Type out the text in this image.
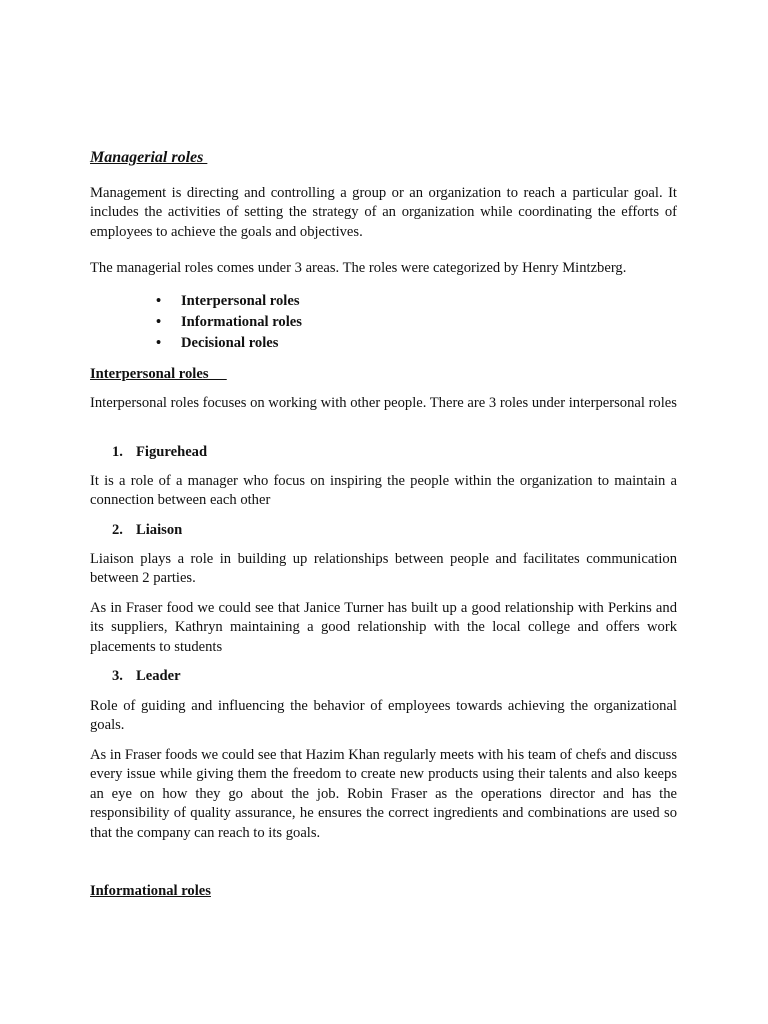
Managerial roles

Management is directing and controlling a group or an organization to reach a particular goal. It includes the activities of setting the strategy of an organization while coordinating the efforts of employees to achieve the goals and objectives.

The managerial roles comes under 3 areas. The roles were categorized by Henry Mintzberg.

• Interpersonal roles
• Informational roles
• Decisional roles

Interpersonal roles

Interpersonal roles focuses on working with other people. There are 3 roles under interpersonal roles

1. Figurehead

It is a role of a manager who focus on inspiring the people within the organization to maintain a connection between each other

2. Liaison

Liaison plays a role in building up relationships between people and facilitates communication between 2 parties.

As in Fraser food we could see that Janice Turner has built up a good relationship with Perkins and its suppliers, Kathryn maintaining a good relationship with the local college and offers work placements to students

3. Leader

Role of guiding and influencing the behavior of employees towards achieving the organizational goals.

As in Fraser foods we could see that Hazim Khan regularly meets with his team of chefs and discuss every issue while giving them the freedom to create new products using their talents and also keeps an eye on how they go about the job. Robin Fraser as the operations director and has the responsibility of quality assurance, he ensures the correct ingredients and combinations are used so that the company can reach to its goals.

Informational roles
